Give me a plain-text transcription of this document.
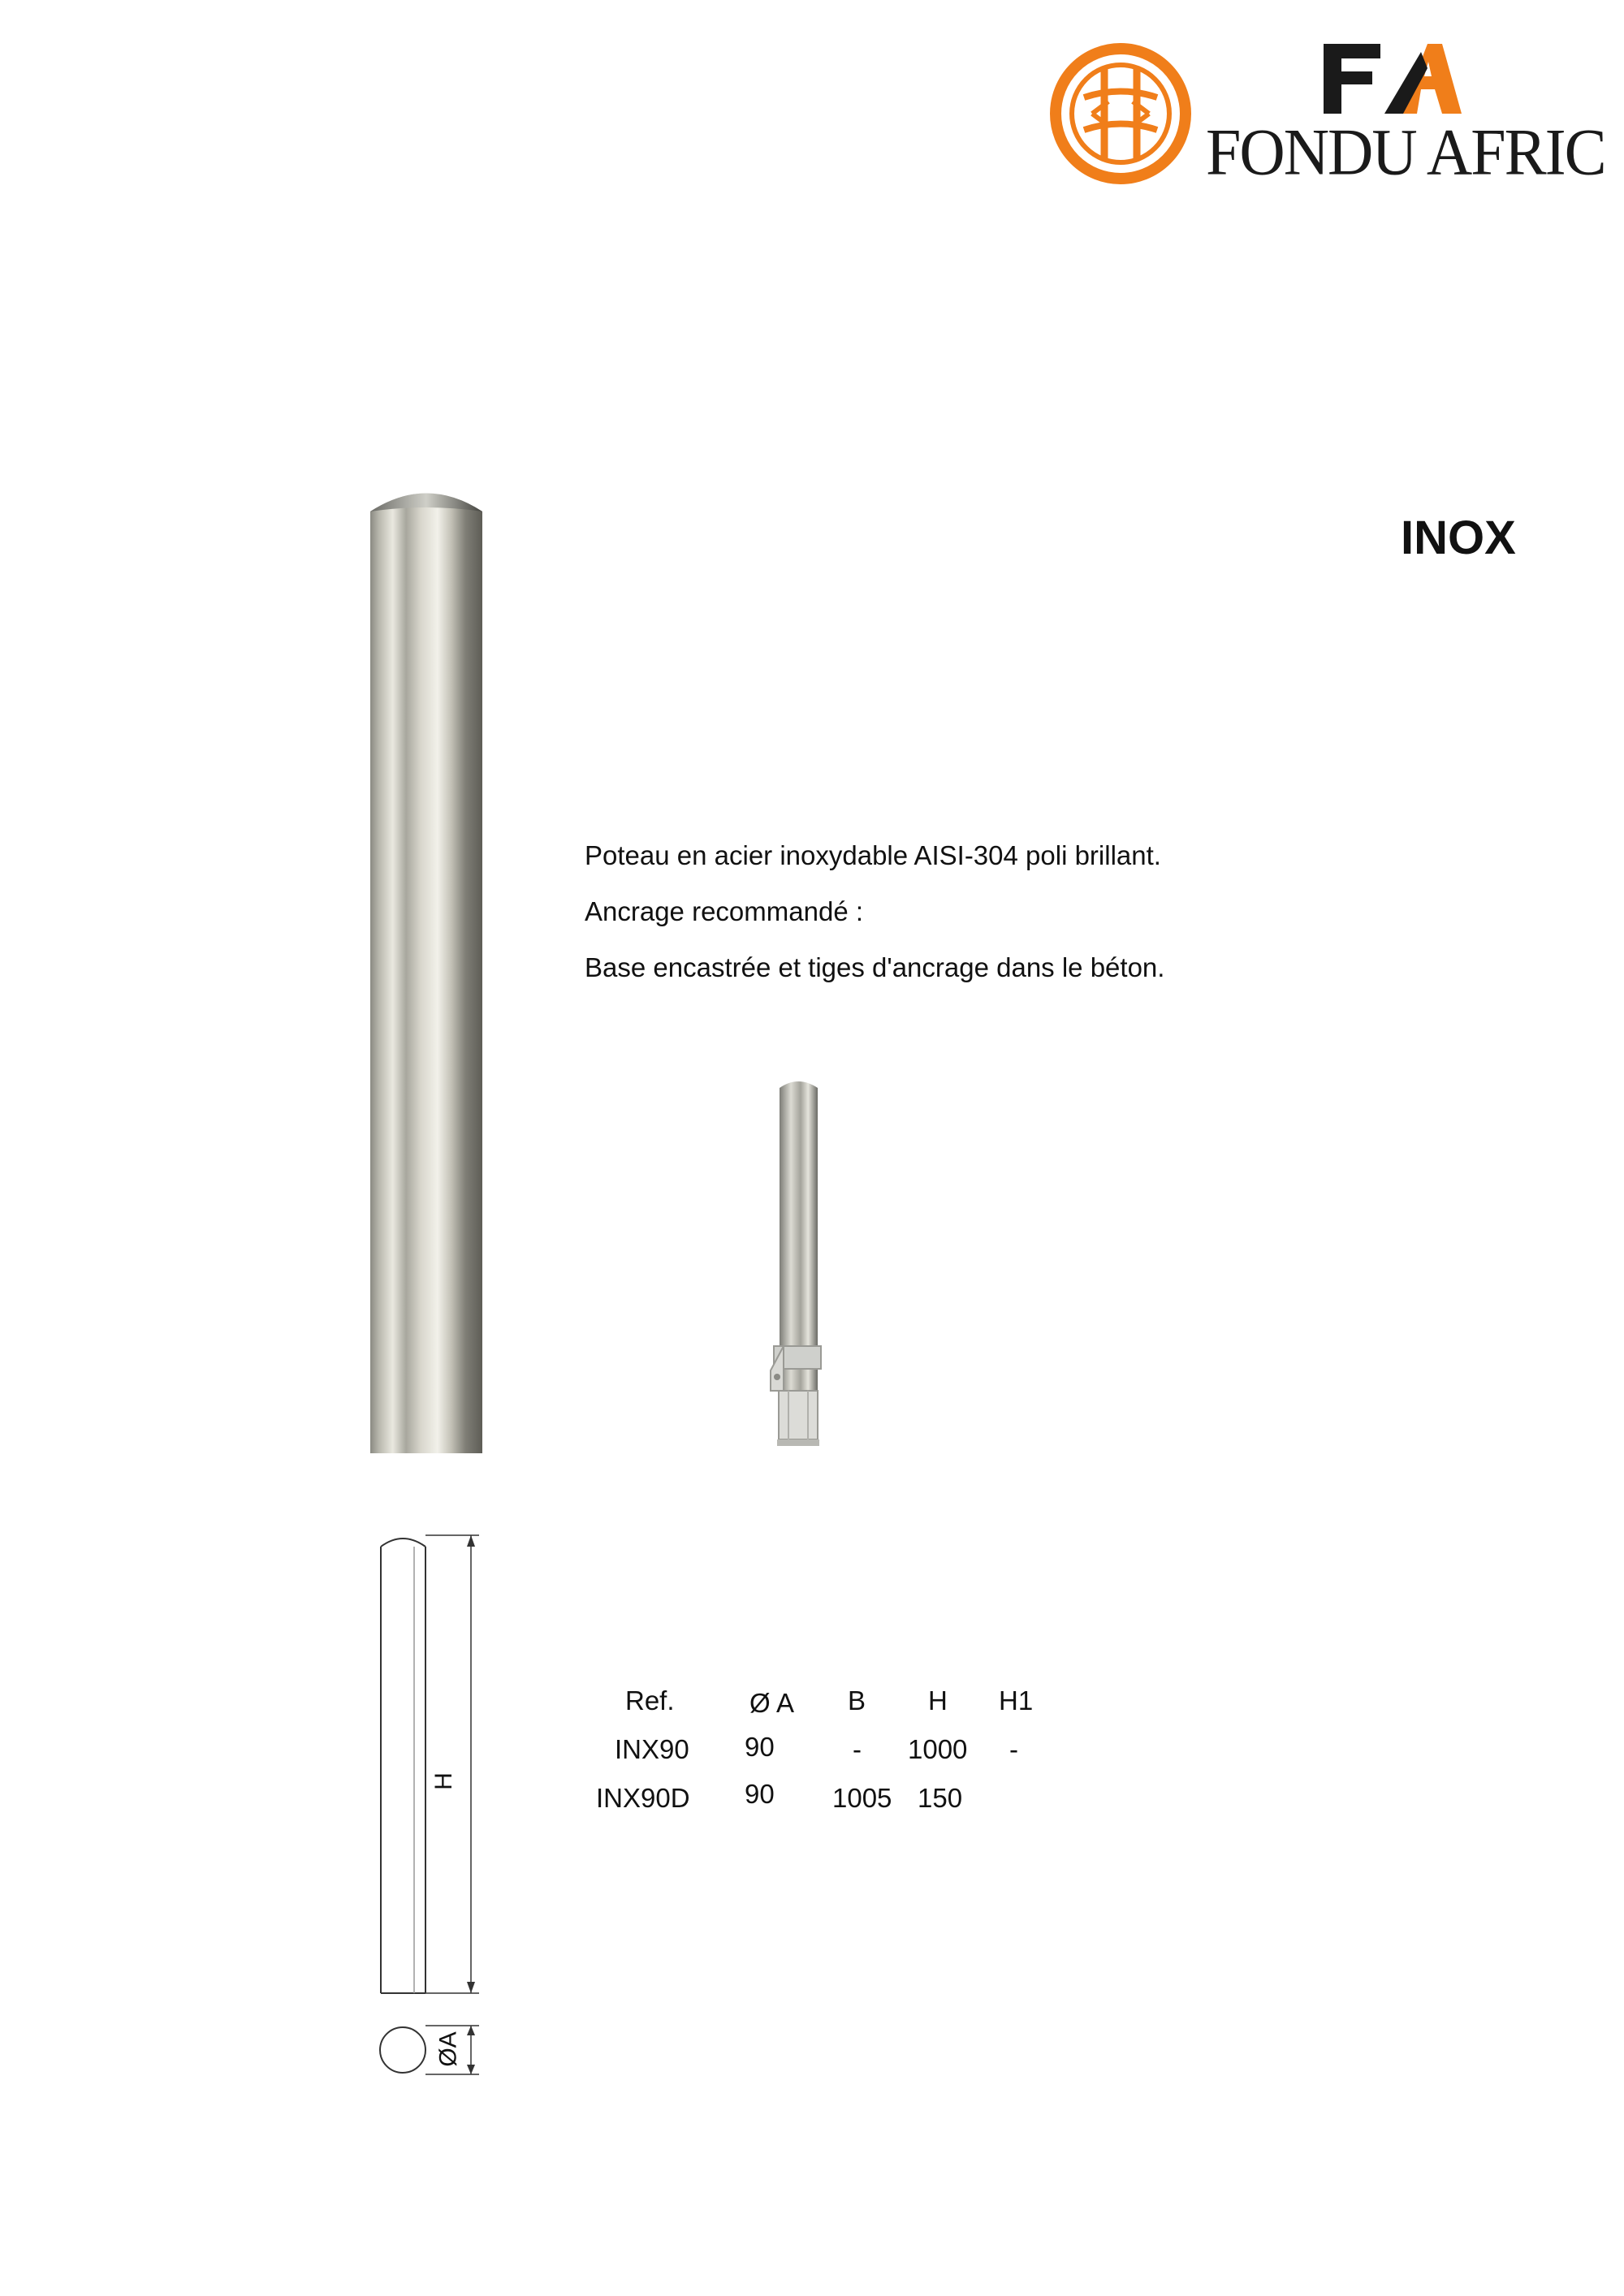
FONDU AFRIC

INOX

Poteau en acier inoxydable AISI-304 poli brillant.

Ancrage recommandé :

Base encastrée et tiges d'ancrage dans le béton.

H
ØA
Ref.	Ø A B H H1
INX90 90	- 1000 -
INX90D 90 1005 150
